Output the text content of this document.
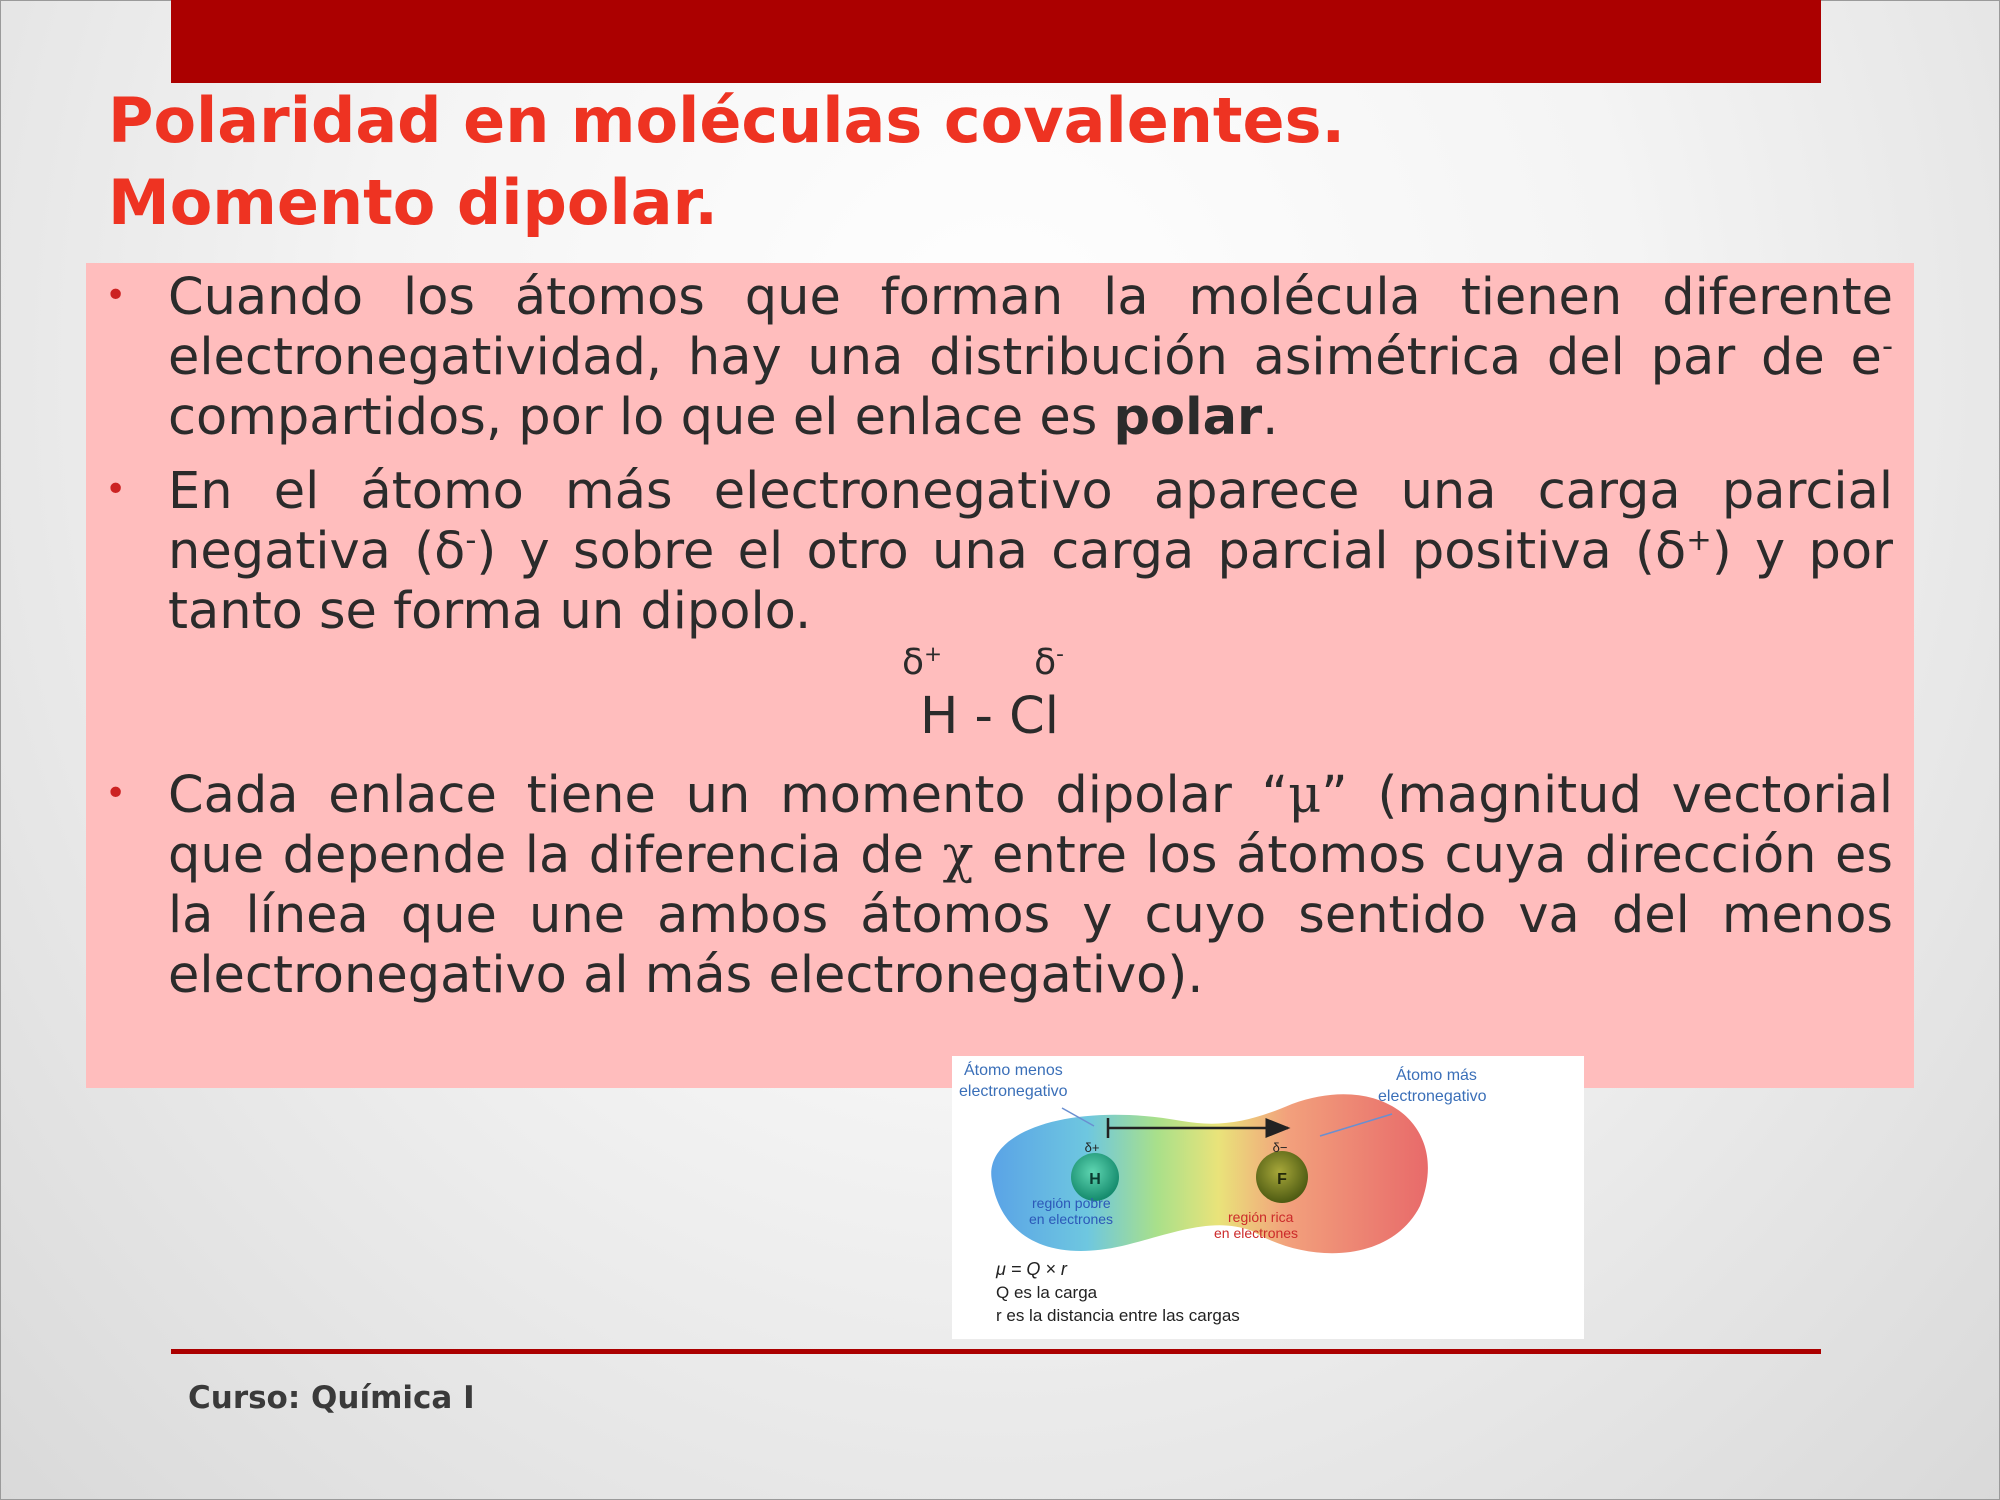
Polaridad en moléculas covalentes.
Momento dipolar.
• Cuando los átomos que forman la molécula tienen diferente electronegatividad, hay una distribución asimétrica del par de e- compartidos, por lo que el enlace es polar.
• En el átomo más electronegativo aparece una carga parcial negativa (δ-) y sobre el otro una carga parcial positiva (δ+) y por tanto se forma un dipolo.
δ+	δ-
H - Cl
• Cada enlace tiene un momento dipolar “μ” (magnitud vectorial que depende la diferencia de χ entre los átomos cuya dirección es la línea que une ambos átomos y cuyo sentido va del menos electronegativo al más electronegativo).
H	F
δ+	δ−
Átomo menos
electronegativo
Átomo más
electronegativo
región pobre
en electrones	región rica
en electrones
μ = Q × r
Q es la carga
r es la distancia entre las cargas
Curso: Química I
